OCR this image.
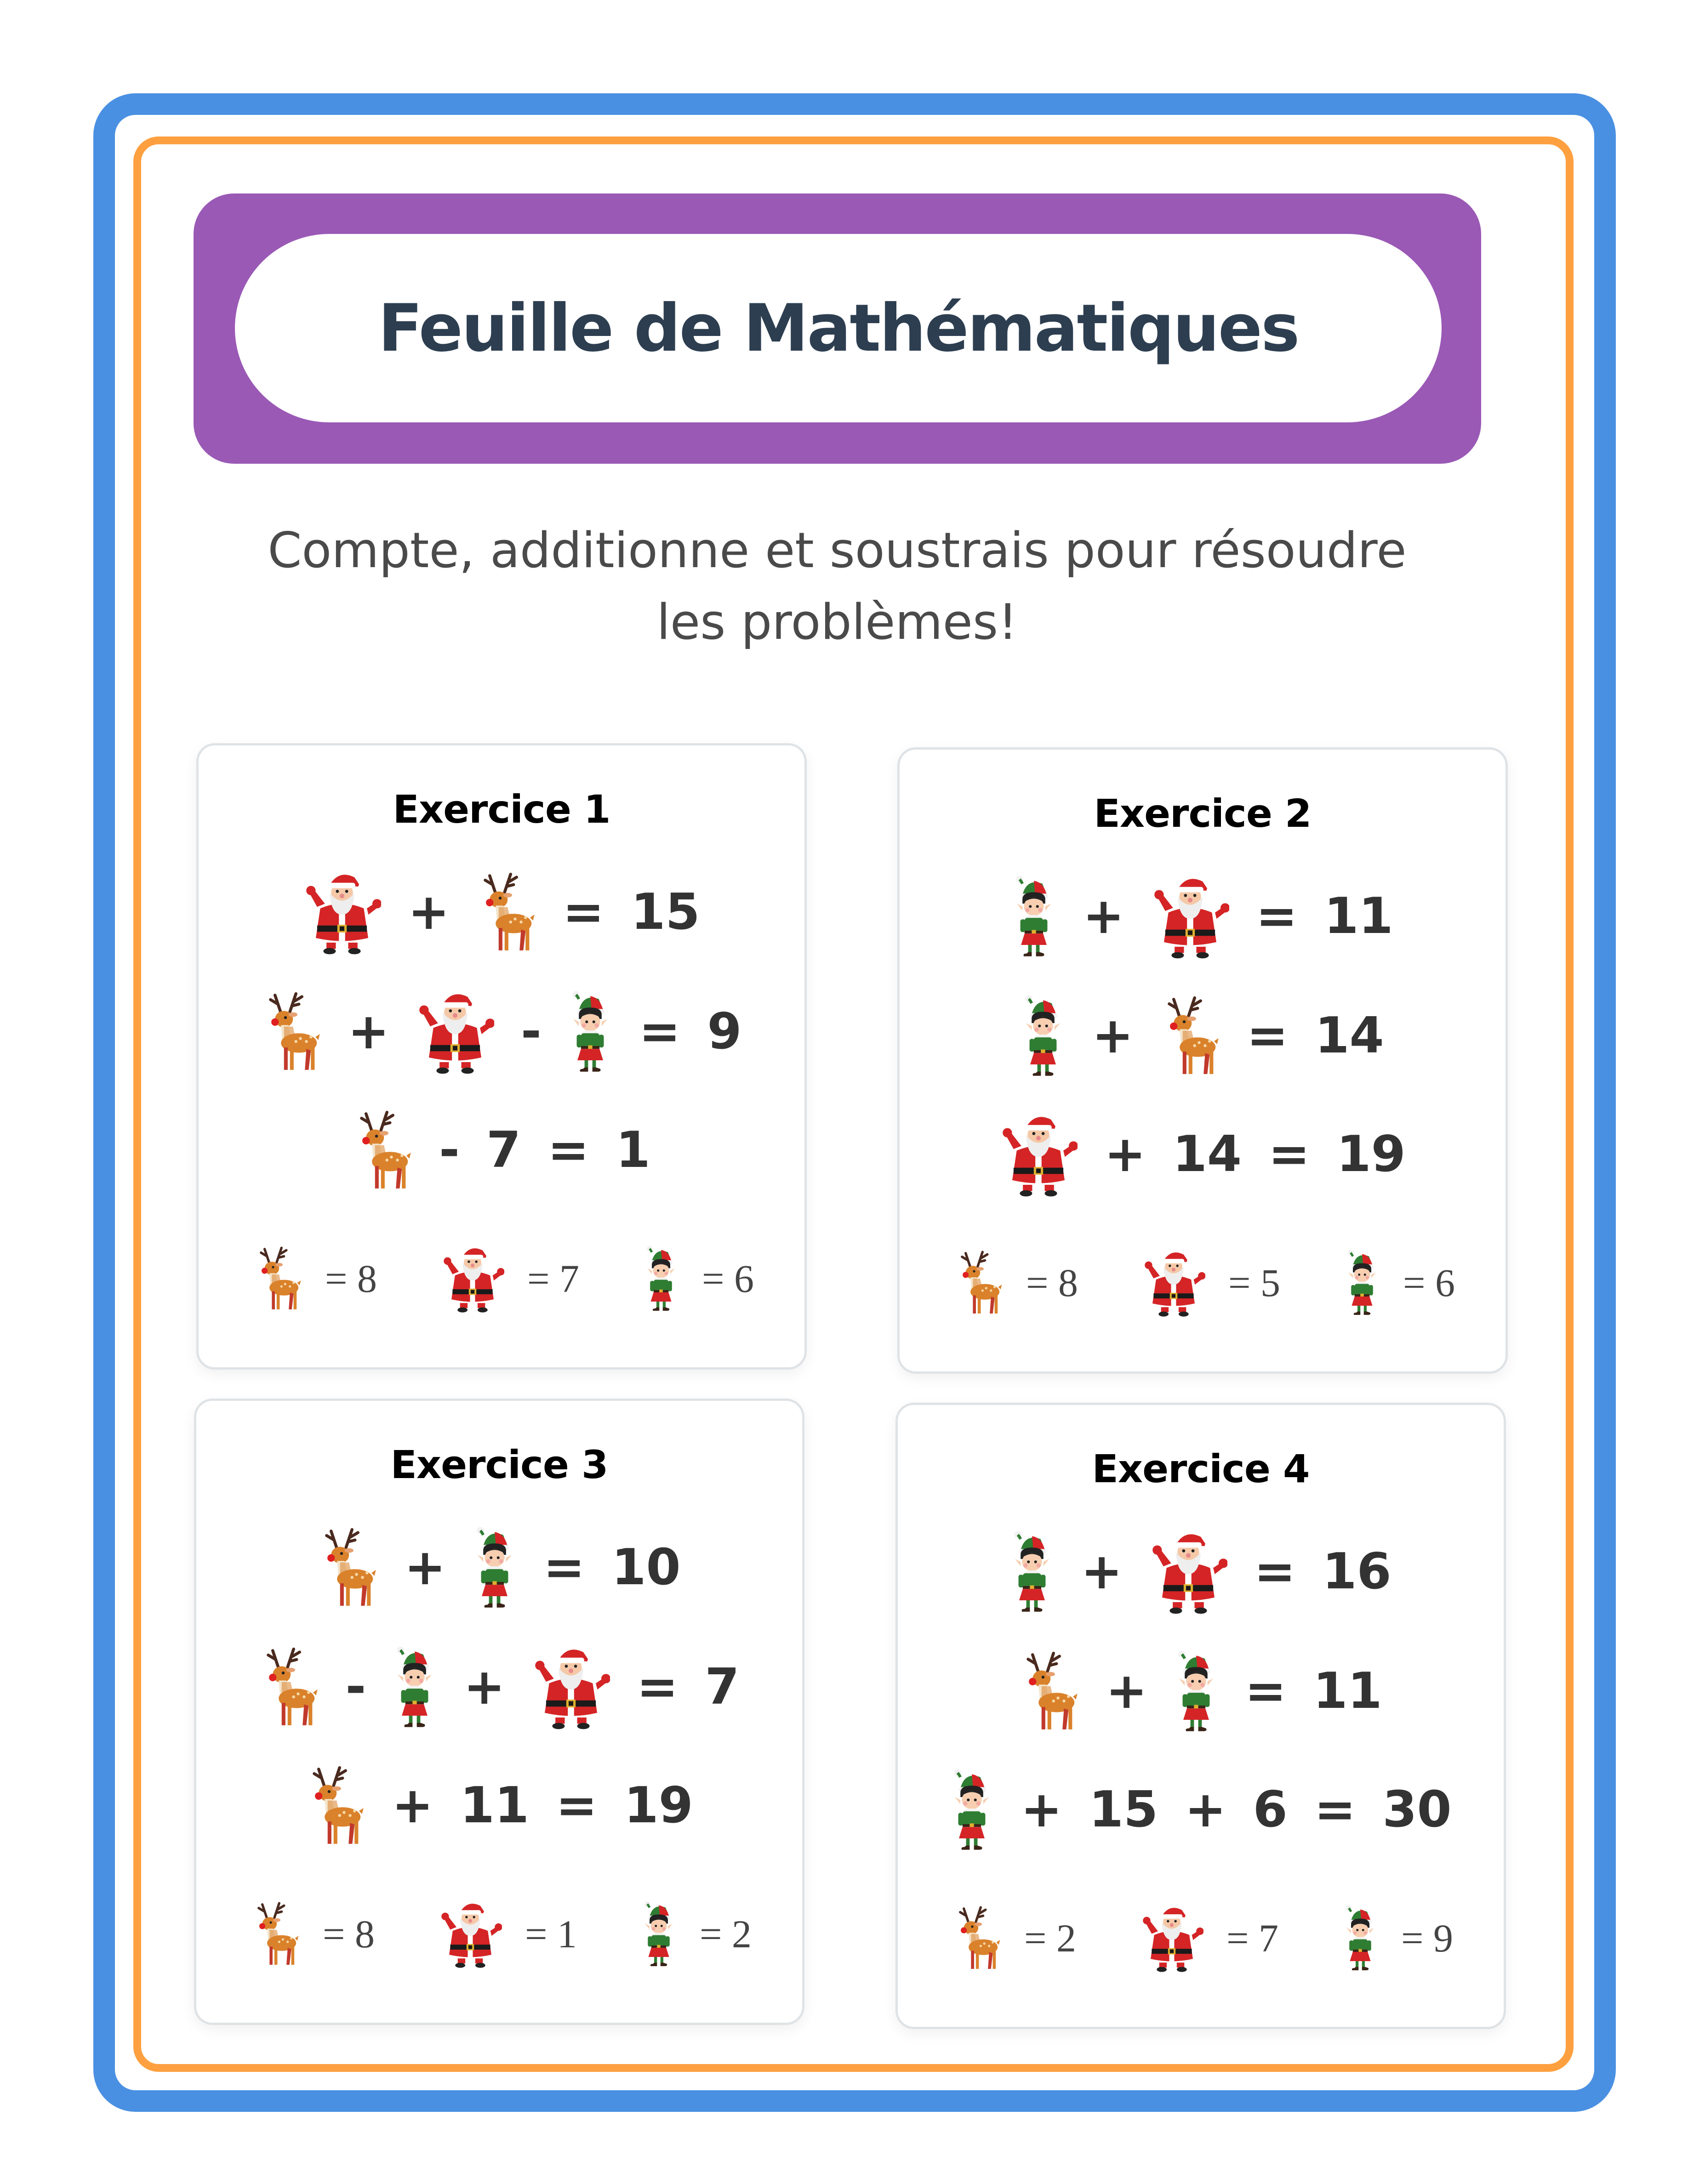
Feuille de Mathématiques
Compte, additionne et soustrais pour résoudre
les problèmes!
Exercice 1
+ = 15
+	- = 9
- 7 = 1
= 8	= 7	= 6
Exercice 2
+	= 11
+ = 14
+ 14 = 19
= 8	= 5	= 6
Exercice 3
+ = 10
- +	= 7
+ 11 = 19
= 8	= 1	= 2
Exercice 4
+	= 16
+ = 11
+ 15 + 6 = 30
= 2	= 7	= 9
